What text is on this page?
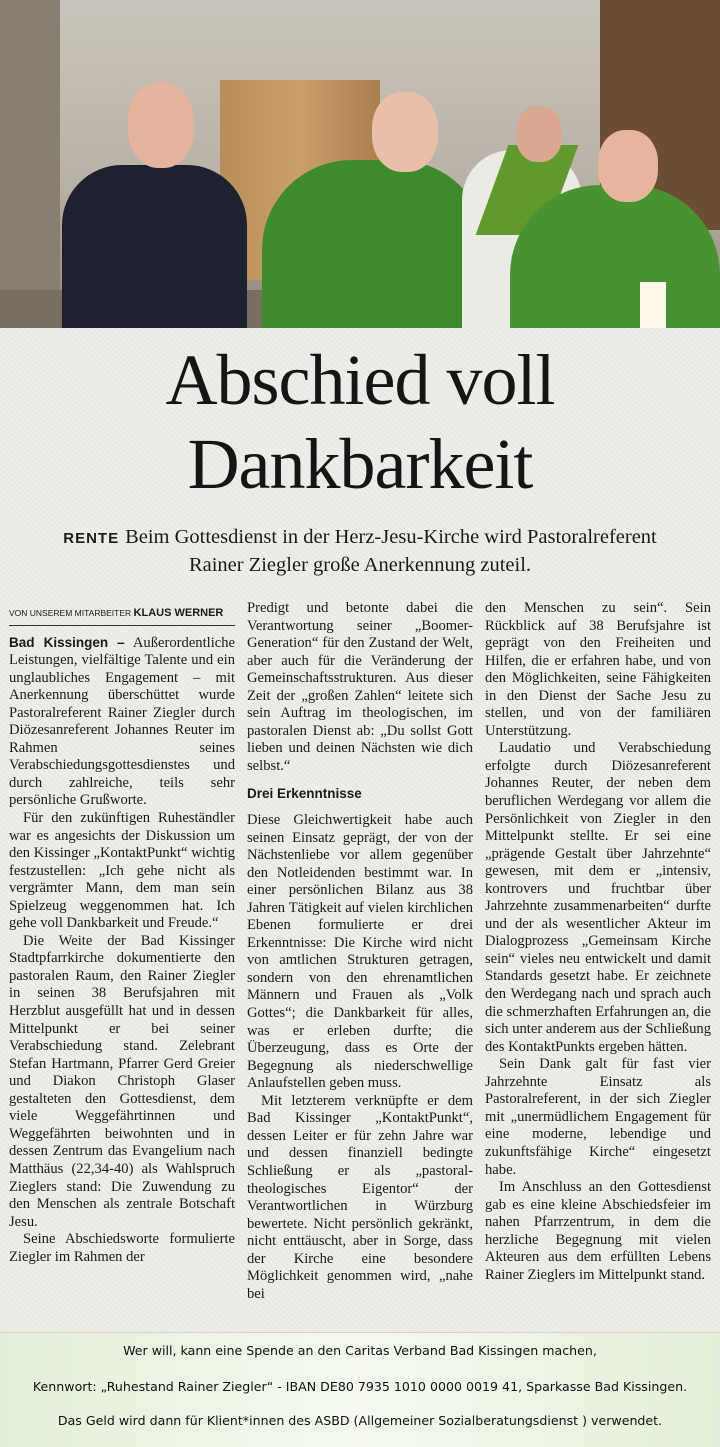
Abschied voll
Dankbarkeit
RENTE Beim Gottesdienst in der Herz-Jesu-Kirche wird Pastoralreferent
Rainer Ziegler große Anerkennung zuteil.
VON UNSEREM MITARBEITER KLAUS WERNER

Bad Kissingen – Außerordentliche Leistungen, vielfältige Talente und ein unglaubliches Engagement – mit Anerkennung überschüttet wurde Pastoralreferent Rainer Ziegler durch Diözesanreferent Johannes Reuter im Rahmen seines Verabschiedungsgottesdienstes und durch zahlreiche, teils sehr persönliche Grußworte.

Für den zukünftigen Ruheständler war es angesichts der Diskussion um den Kissinger „KontaktPunkt“ wichtig festzustellen: „Ich gehe nicht als vergrämter Mann, dem man sein Spielzeug weggenommen hat. Ich gehe voll Dankbarkeit und Freude.“

Die Weite der Bad Kissinger Stadtpfarrkirche dokumentierte den pastoralen Raum, den Rainer Ziegler in seinen 38 Berufsjahren mit Herzblut ausgefüllt hat und in dessen Mittelpunkt er bei seiner Verabschiedung stand. Zelebrant Stefan Hartmann, Pfarrer Gerd Greier und Diakon Christoph Glaser gestalteten den Gottesdienst, dem viele Weggefährtinnen und Weggefährten beiwohnten und in dessen Zentrum das Evangelium nach Matthäus (22,34-40) als Wahlspruch Zieglers stand: Die Zuwendung zu den Menschen als zentrale Botschaft Jesu.

Seine Abschiedsworte formulierte Ziegler im Rahmen der

Predigt und betonte dabei die Verantwortung seiner „Boomer-Generation“ für den Zustand der Welt, aber auch für die Veränderung der Gemeinschaftsstrukturen. Aus dieser Zeit der „großen Zahlen“ leitete sich sein Auftrag im theologischen, im pastoralen Dienst ab: „Du sollst Gott lieben und deinen Nächsten wie dich selbst.“

Drei Erkenntnisse

Diese Gleichwertigkeit habe auch seinen Einsatz geprägt, der von der Nächstenliebe vor allem gegenüber den Notleidenden bestimmt war. In einer persönlichen Bilanz aus 38 Jahren Tätigkeit auf vielen kirchlichen Ebenen formulierte er drei Erkenntnisse: Die Kirche wird nicht von amtlichen Strukturen getragen, sondern von den ehrenamtlichen Männern und Frauen als „Volk Gottes“; die Dankbarkeit für alles, was er erleben durfte; die Überzeugung, dass es Orte der Begegnung als niederschwellige Anlaufstellen geben muss.

Mit letzterem verknüpfte er dem Bad Kissinger „KontaktPunkt“, dessen Leiter er für zehn Jahre war und dessen finanziell bedingte Schließung er als „pastoral-theologisches Eigentor“ der Verantwortlichen in Würzburg bewertete. Nicht persönlich gekränkt, nicht enttäuscht, aber in Sorge, dass der Kirche eine besondere Möglichkeit genommen wird, „nahe bei

den Menschen zu sein“. Sein Rückblick auf 38 Berufsjahre ist geprägt von den Freiheiten und Hilfen, die er erfahren habe, und von den Möglichkeiten, seine Fähigkeiten in den Dienst der Sache Jesu zu stellen, und von der familiären Unterstützung.

Laudatio und Verabschiedung erfolgte durch Diözesanreferent Johannes Reuter, der neben dem beruflichen Werdegang vor allem die Persönlichkeit von Ziegler in den Mittelpunkt stellte. Er sei eine „prägende Gestalt über Jahrzehnte“ gewesen, mit dem er „intensiv, kontrovers und fruchtbar über Jahrzehnte zusammenarbeiten“ durfte und der als wesentlicher Akteur im Dialogprozess „Gemeinsam Kirche sein“ vieles neu entwickelt und damit Standards gesetzt habe. Er zeichnete den Werdegang nach und sprach auch die schmerzhaften Erfahrungen an, die sich unter anderem aus der Schließung des KontaktPunkts ergeben hätten.

Sein Dank galt für fast vier Jahrzehnte Einsatz als Pastoralreferent, in der sich Ziegler mit „unermüdlichem Engagement für eine moderne, lebendige und zukunftsfähige Kirche“ eingesetzt habe.

Im Anschluss an den Gottesdienst gab es eine kleine Abschiedsfeier im nahen Pfarrzentrum, in dem die herzliche Begegnung mit vielen Akteuren aus dem erfüllten Lebens Rainer Zieglers im Mittelpunkt stand.

Wer will, kann eine Spende an den Caritas Verband Bad Kissingen machen,
Kennwort: „Ruhestand Rainer Ziegler“ - IBAN DE80 7935 1010 0000 0019 41, Sparkasse Bad Kissingen.
Das Geld wird dann für Klient*innen des ASBD (Allgemeiner Sozialberatungsdienst ) verwendet.
